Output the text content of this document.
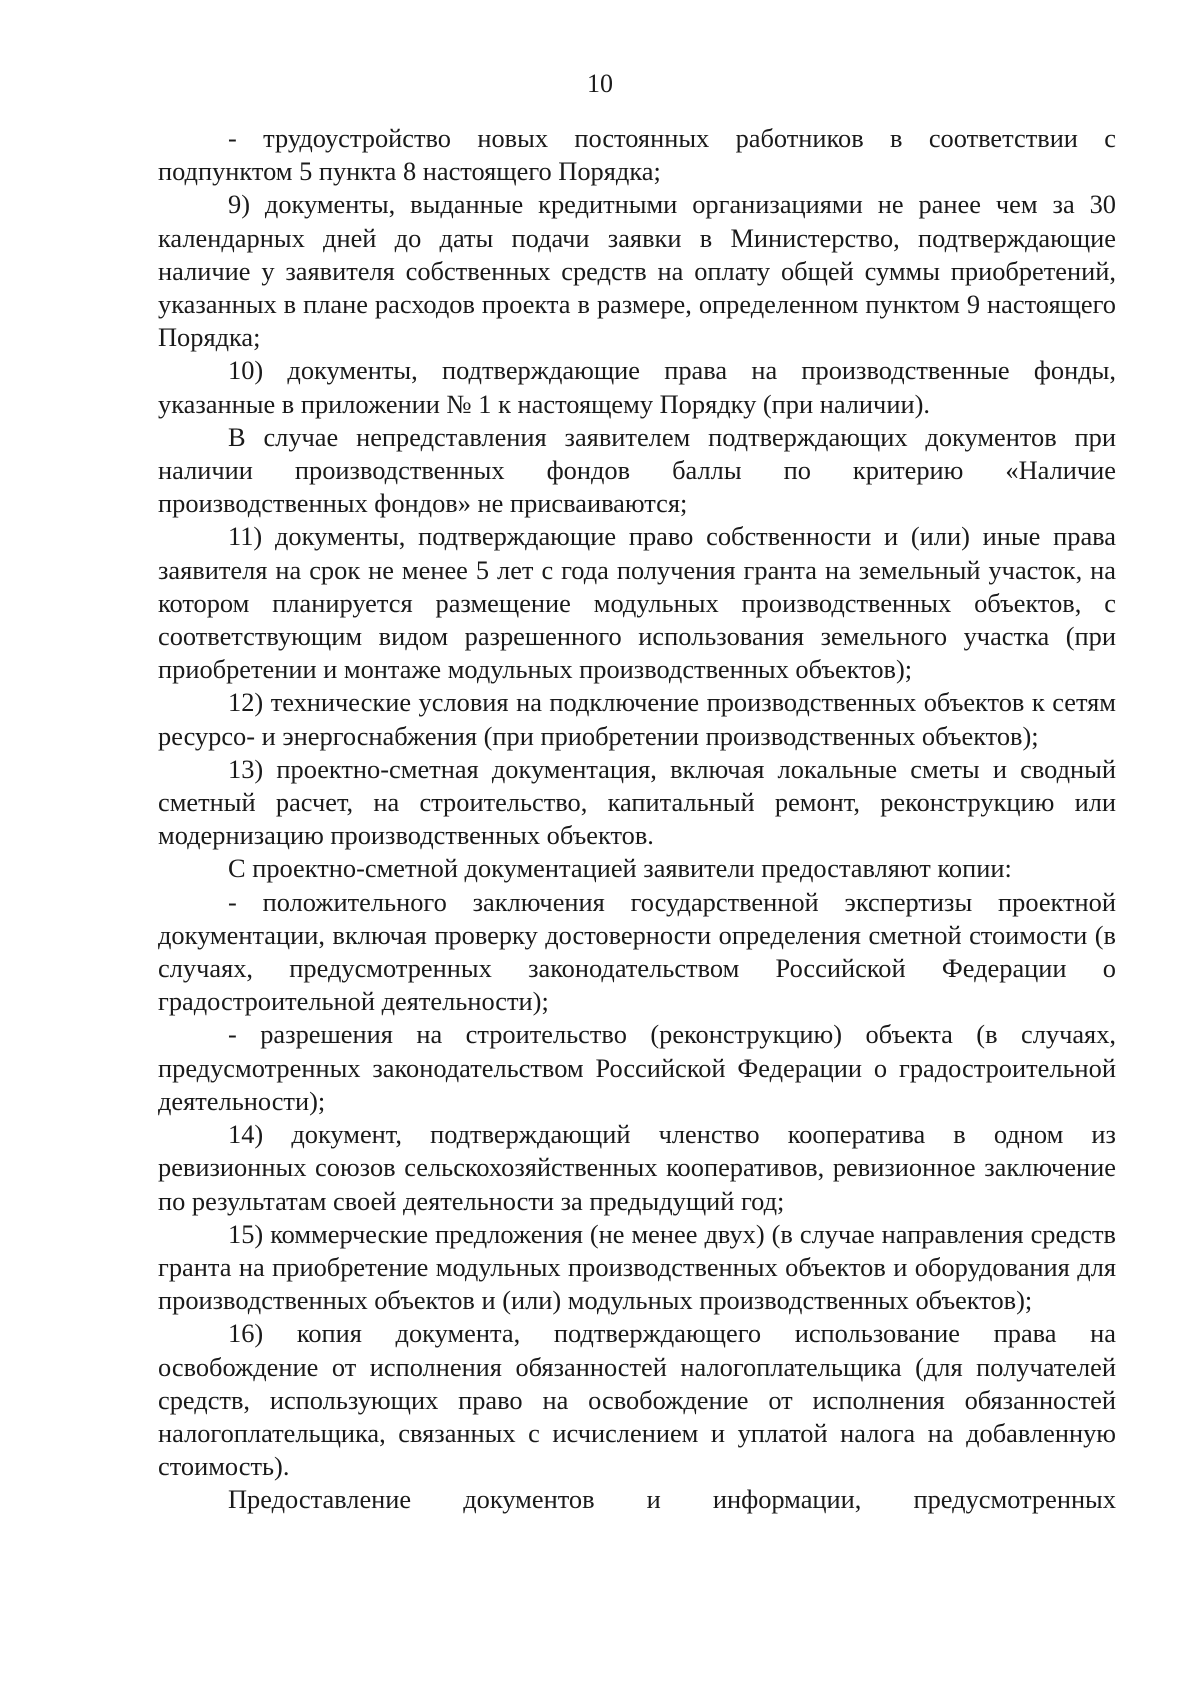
10

- трудоустройство новых постоянных работников в соответствии с подпунктом 5 пункта 8 настоящего Порядка;

9) документы, выданные кредитными организациями не ранее чем за 30 календарных дней до даты подачи заявки в Министерство, подтверждающие наличие у заявителя собственных средств на оплату общей суммы приобретений, указанных в плане расходов проекта в размере, определенном пунктом 9 настоящего Порядка;

10) документы, подтверждающие права на производственные фонды, указанные в приложении № 1 к настоящему Порядку (при наличии).

В случае непредставления заявителем подтверждающих документов при наличии производственных фондов баллы по критерию «Наличие производственных фондов» не присваиваются;

11) документы, подтверждающие право собственности и (или) иные права заявителя на срок не менее 5 лет с года получения гранта на земельный участок, на котором планируется размещение модульных производственных объектов, с соответствующим видом разрешенного использования земельного участка (при приобретении и монтаже модульных производственных объектов);

12) технические условия на подключение производственных объектов к сетям ресурсо- и энергоснабжения (при приобретении производственных объектов);

13) проектно-сметная документация, включая локальные сметы и сводный сметный расчет, на строительство, капитальный ремонт, реконструкцию или модернизацию производственных объектов.

С проектно-сметной документацией заявители предоставляют копии:

- положительного заключения государственной экспертизы проектной документации, включая проверку достоверности определения сметной стоимости (в случаях, предусмотренных законодательством Российской Федерации о градостроительной деятельности);

- разрешения на строительство (реконструкцию) объекта (в случаях, предусмотренных законодательством Российской Федерации о градостроительной деятельности);

14) документ, подтверждающий членство кооператива в одном из ревизионных союзов сельскохозяйственных кооперативов, ревизионное заключение по результатам своей деятельности за предыдущий год;

15) коммерческие предложения (не менее двух) (в случае направления средств гранта на приобретение модульных производственных объектов и оборудования для производственных объектов и (или) модульных производственных объектов);

16) копия документа, подтверждающего использование права на освобождение от исполнения обязанностей налогоплательщика (для получателей средств, использующих право на освобождение от исполнения обязанностей налогоплательщика, связанных с исчислением и уплатой налога на добавленную стоимость).

Предоставление документов и информации, предусмотренных
